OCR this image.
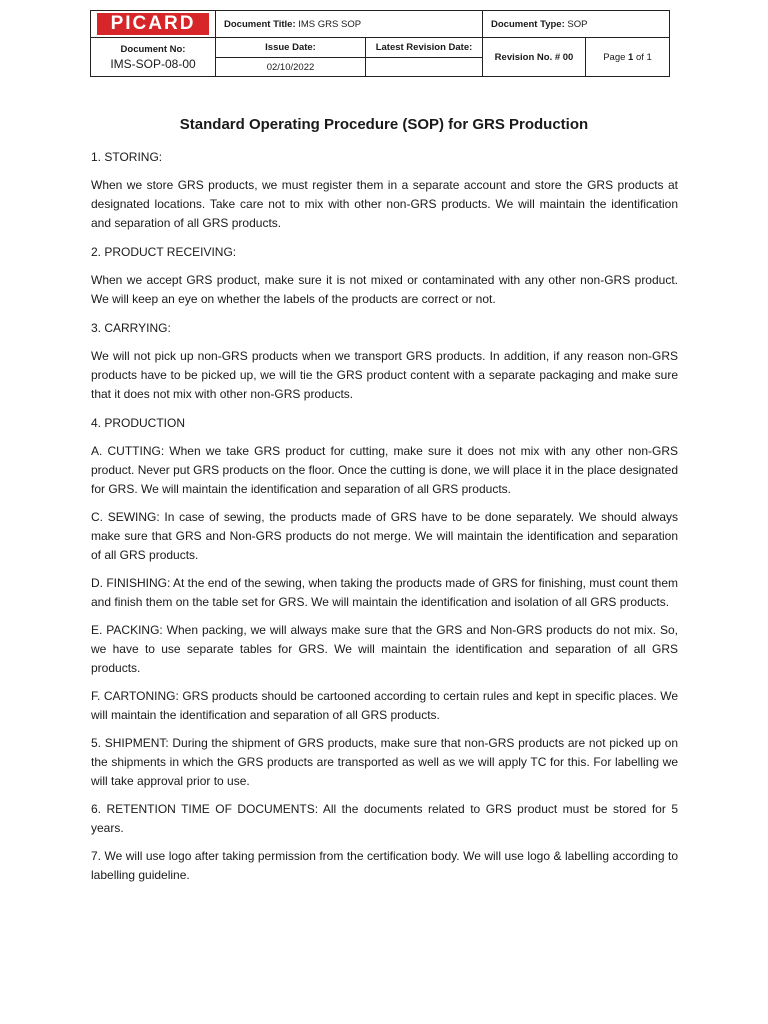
PICARD	Document Title: IMS GRS SOP		Document Type: SOP	

Document No:
IMS-SOP-08-00	Issue Date:	Latest Revision Date:	Revision No. # 00	Page 1 of 1
	02/10/2022			
Standard Operating Procedure (SOP) for GRS Production

1. STORING:

When we store GRS products, we must register them in a separate account and store the GRS products at designated locations. Take care not to mix with other non-GRS products. We will maintain the identification and separation of all GRS products.

2. PRODUCT RECEIVING:

When we accept GRS product, make sure it is not mixed or contaminated with any other non-GRS product. We will keep an eye on whether the labels of the products are correct or not.

3. CARRYING:

We will not pick up non-GRS products when we transport GRS products. In addition, if any reason non-GRS products have to be picked up, we will tie the GRS product content with a separate packaging and make sure that it does not mix with other non-GRS products.

4. PRODUCTION

A. CUTTING: When we take GRS product for cutting, make sure it does not mix with any other non-GRS product. Never put GRS products on the floor. Once the cutting is done, we will place it in the place designated for GRS. We will maintain the identification and separation of all GRS products.

C. SEWING: In case of sewing, the products made of GRS have to be done separately. We should always make sure that GRS and Non-GRS products do not merge. We will maintain the identification and separation of all GRS products.

D. FINISHING: At the end of the sewing, when taking the products made of GRS for finishing, must count them and finish them on the table set for GRS. We will maintain the identification and isolation of all GRS products.

E. PACKING: When packing, we will always make sure that the GRS and Non-GRS products do not mix. So, we have to use separate tables for GRS. We will maintain the identification and separation of all GRS products.

F. CARTONING: GRS products should be cartooned according to certain rules and kept in specific places. We will maintain the identification and separation of all GRS products.

5. SHIPMENT: During the shipment of GRS products, make sure that non-GRS products are not picked up on the shipments in which the GRS products are transported as well as we will apply TC for this. For labelling we will take approval prior to use.

6. RETENTION TIME OF DOCUMENTS: All the documents related to GRS product must be stored for 5 years.

7. We will use logo after taking permission from the certification body. We will use logo & labelling according to labelling guideline.
